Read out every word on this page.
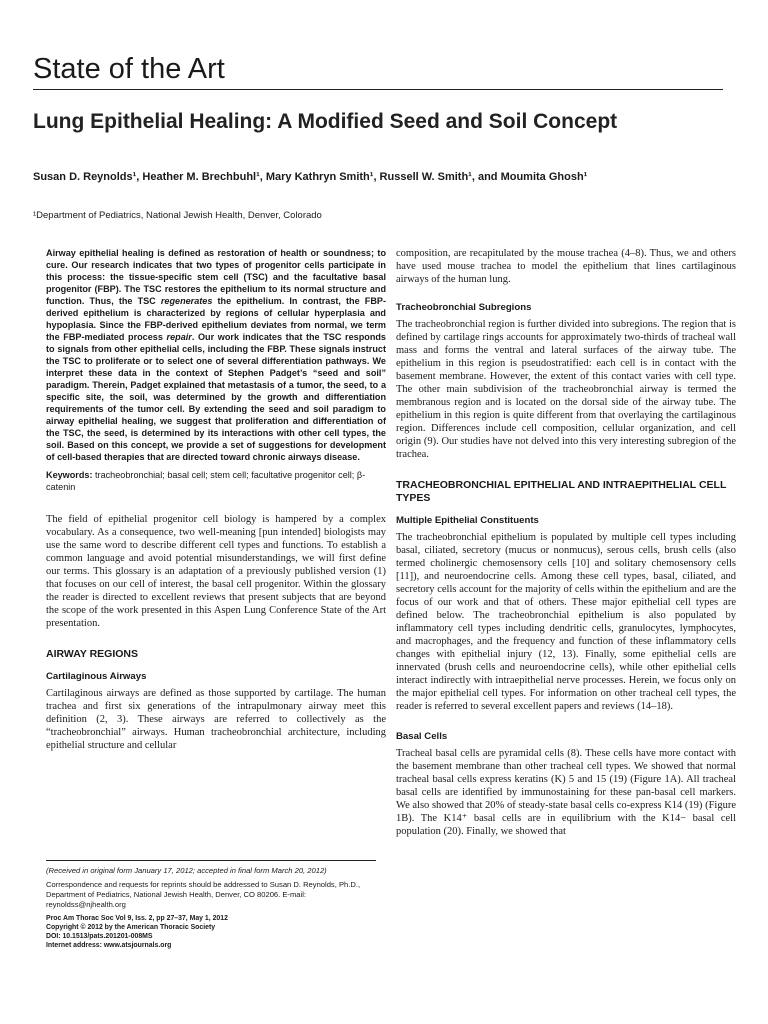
State of the Art
Lung Epithelial Healing: A Modified Seed and Soil Concept
Susan D. Reynolds¹, Heather M. Brechbuhl¹, Mary Kathryn Smith¹, Russell W. Smith¹, and Moumita Ghosh¹
¹Department of Pediatrics, National Jewish Health, Denver, Colorado

Airway epithelial healing is defined as restoration of health or soundness; to cure. Our research indicates that two types of progenitor cells participate in this process: the tissue-specific stem cell (TSC) and the facultative basal progenitor (FBP). The TSC restores the epithelium to its normal structure and function. Thus, the TSC regenerates the epithelium. In contrast, the FBP-derived epithelium is characterized by regions of cellular hyperplasia and hypoplasia. Since the FBP-derived epithelium deviates from normal, we term the FBP-mediated process repair. Our work indicates that the TSC responds to signals from other epithelial cells, including the FBP. These signals instruct the TSC to proliferate or to select one of several differentiation pathways. We interpret these data in the context of Stephen Padget’s “seed and soil” paradigm. Therein, Padget explained that metastasis of a tumor, the seed, to a specific site, the soil, was determined by the growth and differentiation requirements of the tumor cell. By extending the seed and soil paradigm to airway epithelial healing, we suggest that proliferation and differentiation of the TSC, the seed, is determined by its interactions with other cell types, the soil. Based on this concept, we provide a set of suggestions for development of cell-based therapies that are directed toward chronic airways disease.

Keywords: tracheobronchial; basal cell; stem cell; facultative progenitor cell; β-catenin

The field of epithelial progenitor cell biology is hampered by a complex vocabulary. As a consequence, two well-meaning [pun intended] biologists may use the same word to describe different cell types and functions. To establish a common language and avoid potential misunderstandings, we will first define our terms. This glossary is an adaptation of a previously published version (1) that focuses on our cell of interest, the basal cell progenitor. Within the glossary the reader is directed to excellent reviews that present subjects that are beyond the scope of the work presented in this Aspen Lung Conference State of the Art presentation.

AIRWAY REGIONS
Cartilaginous Airways

Cartilaginous airways are defined as those supported by cartilage. The human trachea and first six generations of the intrapulmonary airway meet this definition (2, 3). These airways are referred to collectively as the “tracheobronchial” airways. Human tracheobronchial architecture, including epithelial structure and cellular

(Received in original form January 17, 2012; accepted in final form March 20, 2012)

Correspondence and requests for reprints should be addressed to Susan D. Reynolds, Ph.D., Department of Pediatrics, National Jewish Health, Denver, CO 80206. E-mail: reynoldss@njhealth.org

Proc Am Thorac Soc Vol 9, Iss. 2, pp 27–37, May 1, 2012

Copyright © 2012 by the American Thoracic Society

DOI: 10.1513/pats.201201-008MS

Internet address: www.atsjournals.org

composition, are recapitulated by the mouse trachea (4–8). Thus, we and others have used mouse trachea to model the epithelium that lines cartilaginous airways of the human lung.

Tracheobronchial Subregions

The tracheobronchial region is further divided into subregions. The region that is defined by cartilage rings accounts for approximately two-thirds of tracheal wall mass and forms the ventral and lateral surfaces of the airway tube. The epithelium in this region is pseudostratified: each cell is in contact with the basement membrane. However, the extent of this contact varies with cell type. The other main subdivision of the tracheobronchial airway is termed the membranous region and is located on the dorsal side of the airway tube. The epithelium in this region is quite different from that overlaying the cartilaginous region. Differences include cell composition, cellular organization, and cell origin (9). Our studies have not delved into this very interesting subregion of the trachea.

TRACHEOBRONCHIAL EPITHELIAL AND INTRAEPITHELIAL CELL TYPES
Multiple Epithelial Constituents

The tracheobronchial epithelium is populated by multiple cell types including basal, ciliated, secretory (mucus or nonmucus), serous cells, brush cells (also termed cholinergic chemosensory cells [10] and solitary chemosensory cells [11]), and neuroendocrine cells. Among these cell types, basal, ciliated, and secretory cells account for the majority of cells within the epithelium and are the focus of our work and that of others. These major epithelial cell types are defined below. The tracheobronchial epithelium is also populated by inflammatory cell types including dendritic cells, granulocytes, lymphocytes, and macrophages, and the frequency and function of these inflammatory cells changes with epithelial injury (12, 13). Finally, some epithelial cells are innervated (brush cells and neuroendocrine cells), while other epithelial cells interact indirectly with intraepithelial nerve processes. Herein, we focus only on the major epithelial cell types. For information on other tracheal cell types, the reader is referred to several excellent papers and reviews (14–18).

Basal Cells

Tracheal basal cells are pyramidal cells (8). These cells have more contact with the basement membrane than other tracheal cell types. We showed that normal tracheal basal cells express keratins (K) 5 and 15 (19) (Figure 1A). All tracheal basal cells are identified by immunostaining for these pan-basal cell markers. We also showed that 20% of steady-state basal cells co-express K14 (19) (Figure 1B). The K14⁺ basal cells are in equilibrium with the K14− basal cell population (20). Finally, we showed that
